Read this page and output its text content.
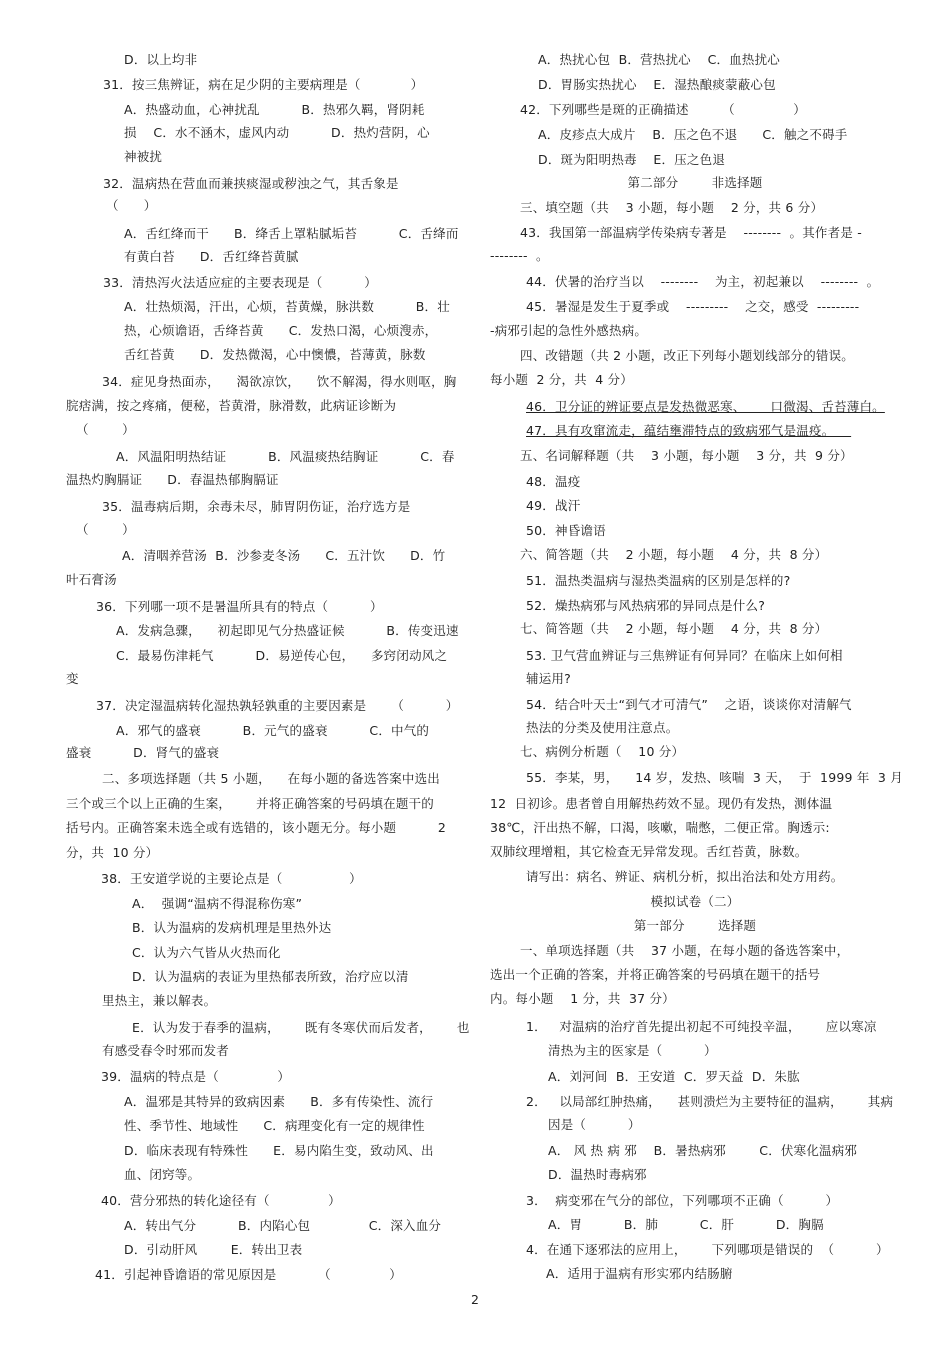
D．以上均非
31．按三焦辨证，病在足少阴的主要病理是（            ）
A．热盛动血，心神扰乱          B．热邪久羁，肾阴耗
损    C．水不涵木，虚风内动          D．热灼营阴，心
神被扰
32．温病热在营血而兼挟痰湿或秽浊之气，其舌象是
（      ）
A．舌红绛而干      B．绛舌上罩粘腻垢苔          C．舌绛而
有黄白苔      D．舌红绛苔黄腻
33．清热泻火法适应症的主要表现是（          ）
A．壮热烦渴，汗出，心烦，苔黄燥，脉洪数          B．壮
热，心烦谵语，舌绛苔黄      C．发热口渴，心烦溲赤，
舌红苔黄      D．发热微渴，心中懊憹，苔薄黄，脉数
34．症见身热面赤，    渴欲凉饮，    饮不解渴，得水则呕，胸
脘痞满，按之疼痛，便秘，苔黄滑，脉滑数，此病证诊断为
（        ）
A．风温阳明热结证          B．风温痰热结胸证          C．春
温热灼胸膈证      D．春温热郁胸膈证
35．温毒病后期，余毒未尽，肺胃阴伤证，治疗选方是
（        ）
A．清咽养营汤  B．沙参麦冬汤      C．五汁饮      D．竹
叶石膏汤
36．下列哪一项不是暑温所具有的特点（          ）
A．发病急骤，    初起即见气分热盛证候          B．传变迅速
C．最易伤津耗气          D．易逆传心包，    多窍闭动风之
变
37．决定湿温病转化湿热孰轻孰重的主要因素是      （          ）
A．邪气的盛衰          B．元气的盛衰          C．中气的
盛衰          D．肾气的盛衰
二、多项选择题（共 5 小题，    在每小题的备选答案中选出
三个或三个以上正确的生案，      并将正确答案的号码填在题干的
括号内。正确答案未选全或有选错的，该小题无分。每小题          2
分，共  10 分）
38．王安道学说的主要论点是（                ）
A．  强调“温病不得混称伤寒”
B．认为温病的发病机理是里热外达
C．认为六气皆从火热而化
D．认为温病的表证为里热郁表所致，治疗应以清
里热主，兼以解表。
E．认为发于春季的温病，      既有冬寒伏而后发者，      也
有感受春令时邪而发者
39．温病的特点是（              ）
A．温邪是其特异的致病因素      B．多有传染性、流行
性、季节性、地域性      C．病理变化有一定的规律性
D．临床表现有特殊性      E．易内陷生变，致动风、出
血、闭窍等。
40．营分邪热的转化途径有（              ）
A．转出气分          B．内陷心包              C．深入血分
D．引动肝风        E．转出卫表
41．引起神昏谵语的常见原因是          （              ）
A．热扰心包  B．营热扰心    C．血热扰心
D．胃肠实热扰心    E．湿热酿痰蒙蔽心包
42．下列哪些是斑的正确描述        （              ）
A．皮疹点大成片    B．压之色不退      C．触之不碍手
D．斑为阳明热毒    E．压之色退
第二部分        非选择题
三、填空题（共    3 小题，每小题    2 分，共 6 分）
43．我国第一部温病学传染病专著是    --------  。其作者是 -
--------  。
44．伏暑的治疗当以    --------    为主，初起兼以    --------  。
45．暑湿是发生于夏季或    ---------    之交，感受  ---------
-病邪引起的急性外感热病。
四、改错题（共 2 小题，改正下列每小题划线部分的错误。
每小题  2 分，共  4 分）
46．卫分证的辨证要点是发热微恶寒、      口微渴、舌苔薄白。
47．具有攻窜流走，蕴结壅滞特点的致病邪气是温疫。
五、名词解释题（共    3 小题，每小题    3 分，共  9 分）
48．温疫
49．战汗
50．神昏谵语
六、简答题（共    2 小题，每小题    4 分，共  8 分）
51．温热类温病与湿热类温病的区别是怎样的?
52．燥热病邪与风热病邪的异同点是什么?
七、简答题（共    2 小题，每小题    4 分，共  8 分）
53. 卫气营血辨证与三焦辨证有何异同？在临床上如何相
辅运用?
54．结合叶天士“到气才可清气”    之语，谈谈你对清解气
热法的分类及使用注意点。
七、病例分析题（    10 分）
55．李某，男，    14 岁，发热、咳喘  3 天，  于  1999 年  3 月
12  日初诊。患者曾自用解热药效不显。现仍有发热，测体温
38℃，汗出热不解，口渴，咳嗽，喘憋，二便正常。胸透示:
双肺纹理增粗，其它检查无异常发现。舌红苔黄，脉数。
请写出：病名、辨证、病机分析，拟出治法和处方用药。
模拟试卷（二）
第一部分        选择题
一、单项选择题（共    37 小题，在每小题的备选答案中，
选出一个正确的答案，并将正确答案的号码填在题干的括号
内。每小题    1 分，共  37 分）
1．   对温病的治疗首先提出初起不可纯投辛温，      应以寒凉
清热为主的医家是（          ）
A．刘河间  B．王安道  C．罗天益  D．朱肱
2．   以局部红肿热痛，    甚则溃烂为主要特征的温病，      其病
因是（          ）
A． 风 热 病 邪    B．暑热病邪        C．伏寒化温病邪
D．温热时毒病邪
3．  病变邪在气分的部位，下列哪项不正确（          ）
A．胃          B．肺          C．肝          D．胸膈
4．在通下逐邪法的应用上，      下列哪项是错误的  （          ）
A．适用于温病有形实邪内结肠腑
2
